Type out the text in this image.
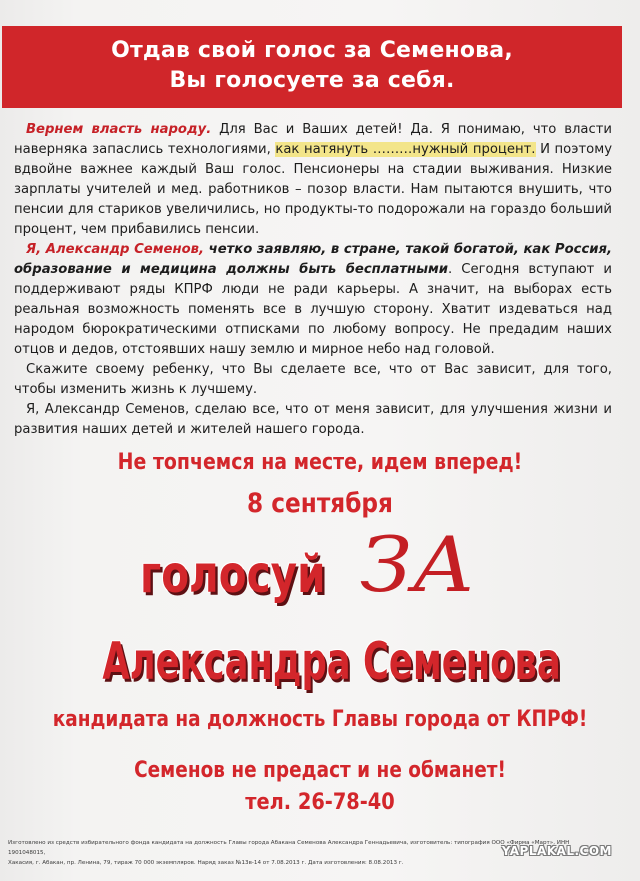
Отдав свой голос за Семенова,
Вы голосуете за себя.

Вернем власть народу. Для Вас и Ваших детей! Да. Я понимаю, что власти наверняка запаслись технологиями, как натянуть ………нужный процент. И поэтому вдвойне важнее каждый Ваш голос. Пенсионеры на стадии выживания. Низкие зарплаты учителей и мед. работников – позор власти. Нам пытаются внушить, что пенсии для стариков увеличились, но продукты-то подорожали на гораздо больший процент, чем прибавились пенсии.

Я, Александр Семенов, четко заявляю, в стране, такой богатой, как Россия, образование и медицина должны быть бесплатными. Сегодня вступают и поддерживают ряды КПРФ люди не ради карьеры. А значит, на выборах есть реальная возможность поменять все в лучшую сторону. Хватит издеваться над народом бюрократическими отписками по любому вопросу. Не предадим наших отцов и дедов, отстоявших нашу землю и мирное небо над головой.

Скажите своему ребенку, что Вы сделаете все, что от Вас зависит, для того, чтобы изменить жизнь к лучшему.

Я, Александр Семенов, сделаю все, что от меня зависит, для улучшения жизни и развития наших детей и жителей нашего города.

Не топчемся на месте, идем вперед!
8 сентября
голосуй ЗА
Александра Семенова
кандидата на должность Главы города от КПРФ!
Семенов не предаст и не обманет!
тел. 26-78-40
Изготовлено из средств избирательного фонда кандидата на должность Главы города Абакана Семенова Александра Геннадьевича, изготовитель: типография ООО «Фирма «Март», ИНН 1901048015,
Хакасия, г. Абакан, пр. Ленина, 79, тираж 70 000 экземпляров. Наряд заказ №13в-14 от 7.08.2013 г. Дата изготовления: 8.08.2013 г.
YAPLAKAL.COM
